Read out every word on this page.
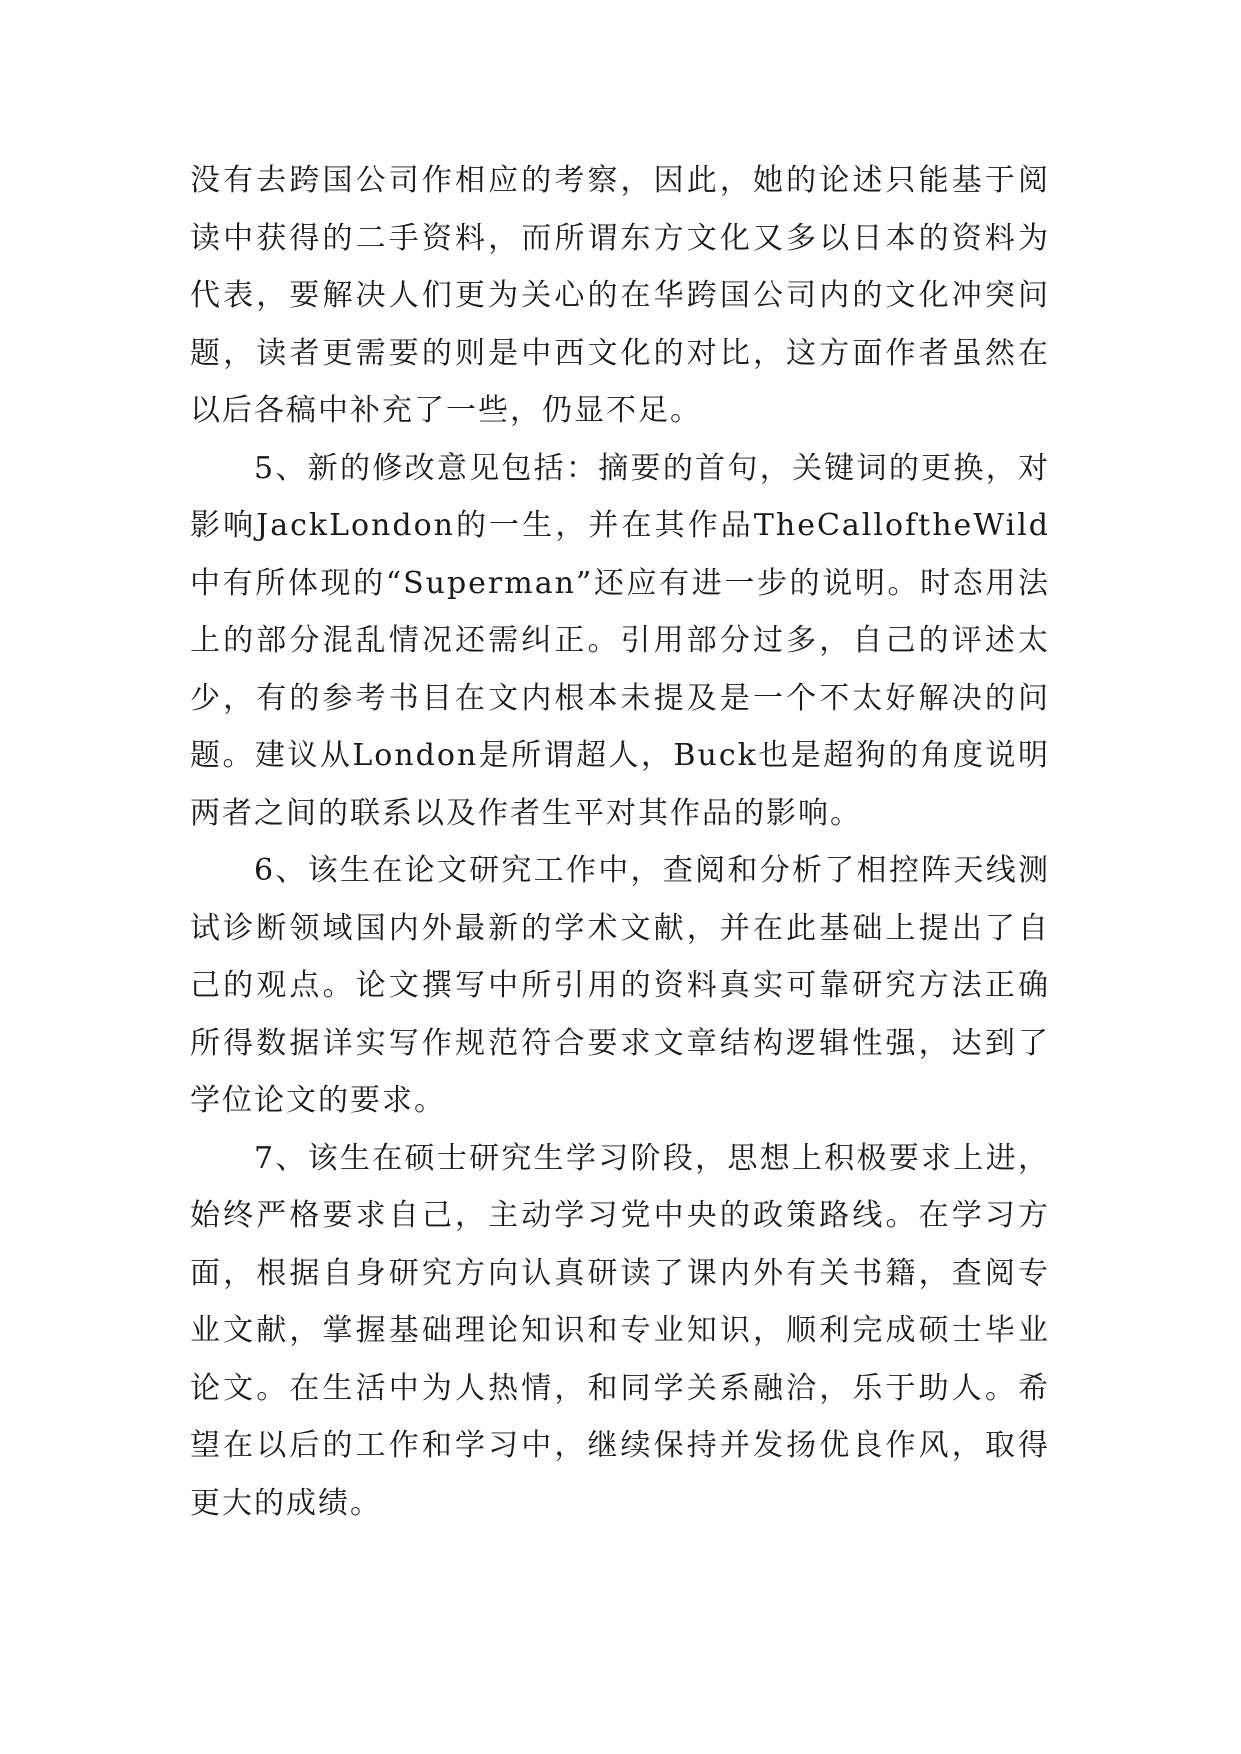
没有去跨国公司作相应的考察，因此，她的论述只能基于阅读中获得的二手资料，而所谓东方文化又多以日本的资料为代表，要解决人们更为关心的在华跨国公司内的文化冲突问题，读者更需要的则是中西文化的对比，这方面作者虽然在以后各稿中补充了一些，仍显不足。

5、新的修改意见包括：摘要的首句，关键词的更换，对影响JackLondon的一生，并在其作品TheCalloftheWild中有所体现的“Superman”还应有进一步的说明。时态用法上的部分混乱情况还需纠正。引用部分过多，自己的评述太少，有的参考书目在文内根本未提及是一个不太好解决的问题。建议从London是所谓超人，Buck也是超狗的角度说明两者之间的联系以及作者生平对其作品的影响。

6、该生在论文研究工作中，查阅和分析了相控阵天线测试诊断领域国内外最新的学术文献，并在此基础上提出了自己的观点。论文撰写中所引用的资料真实可靠研究方法正确所得数据详实写作规范符合要求文章结构逻辑性强，达到了学位论文的要求。

7、该生在硕士研究生学习阶段，思想上积极要求上进，始终严格要求自己，主动学习党中央的政策路线。在学习方面，根据自身研究方向认真研读了课内外有关书籍，查阅专业文献，掌握基础理论知识和专业知识，顺利完成硕士毕业论文。在生活中为人热情，和同学关系融洽，乐于助人。希望在以后的工作和学习中，继续保持并发扬优良作风，取得更大的成绩。
